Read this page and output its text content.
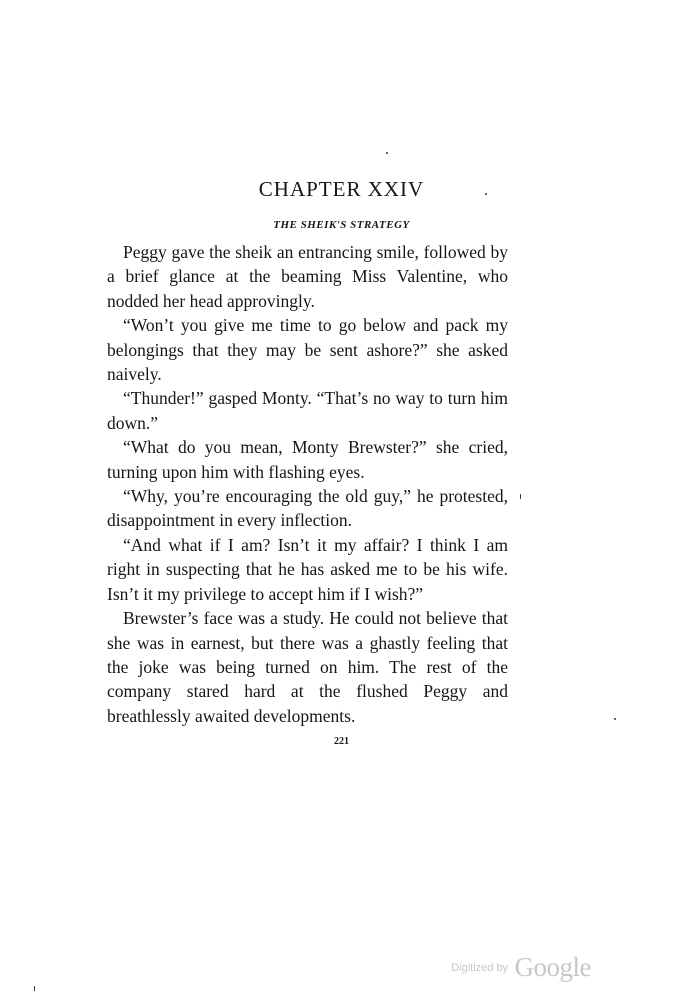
CHAPTER XXIV
THE SHEIK'S STRATEGY

Peggy gave the sheik an entrancing smile, followed by a brief glance at the beaming Miss Valentine, who nodded her head approvingly.

“Won’t you give me time to go below and pack my belongings that they may be sent ashore?” she asked naively.

“Thunder!” gasped Monty. “That’s no way to turn him down.”

“What do you mean, Monty Brewster?” she cried, turning upon him with flashing eyes.

“Why, you’re encouraging the old guy,” he protested, disappointment in every inflection.

“And what if I am? Isn’t it my affair? I think I am right in suspecting that he has asked me to be his wife. Isn’t it my privilege to accept him if I wish?”

Brewster’s face was a study. He could not believe that she was in earnest, but there was a ghastly feeling that the joke was being turned on him. The rest of the company stared hard at the flushed Peggy and breathlessly awaited developments.

221
$^{Digitized by}$ Google
